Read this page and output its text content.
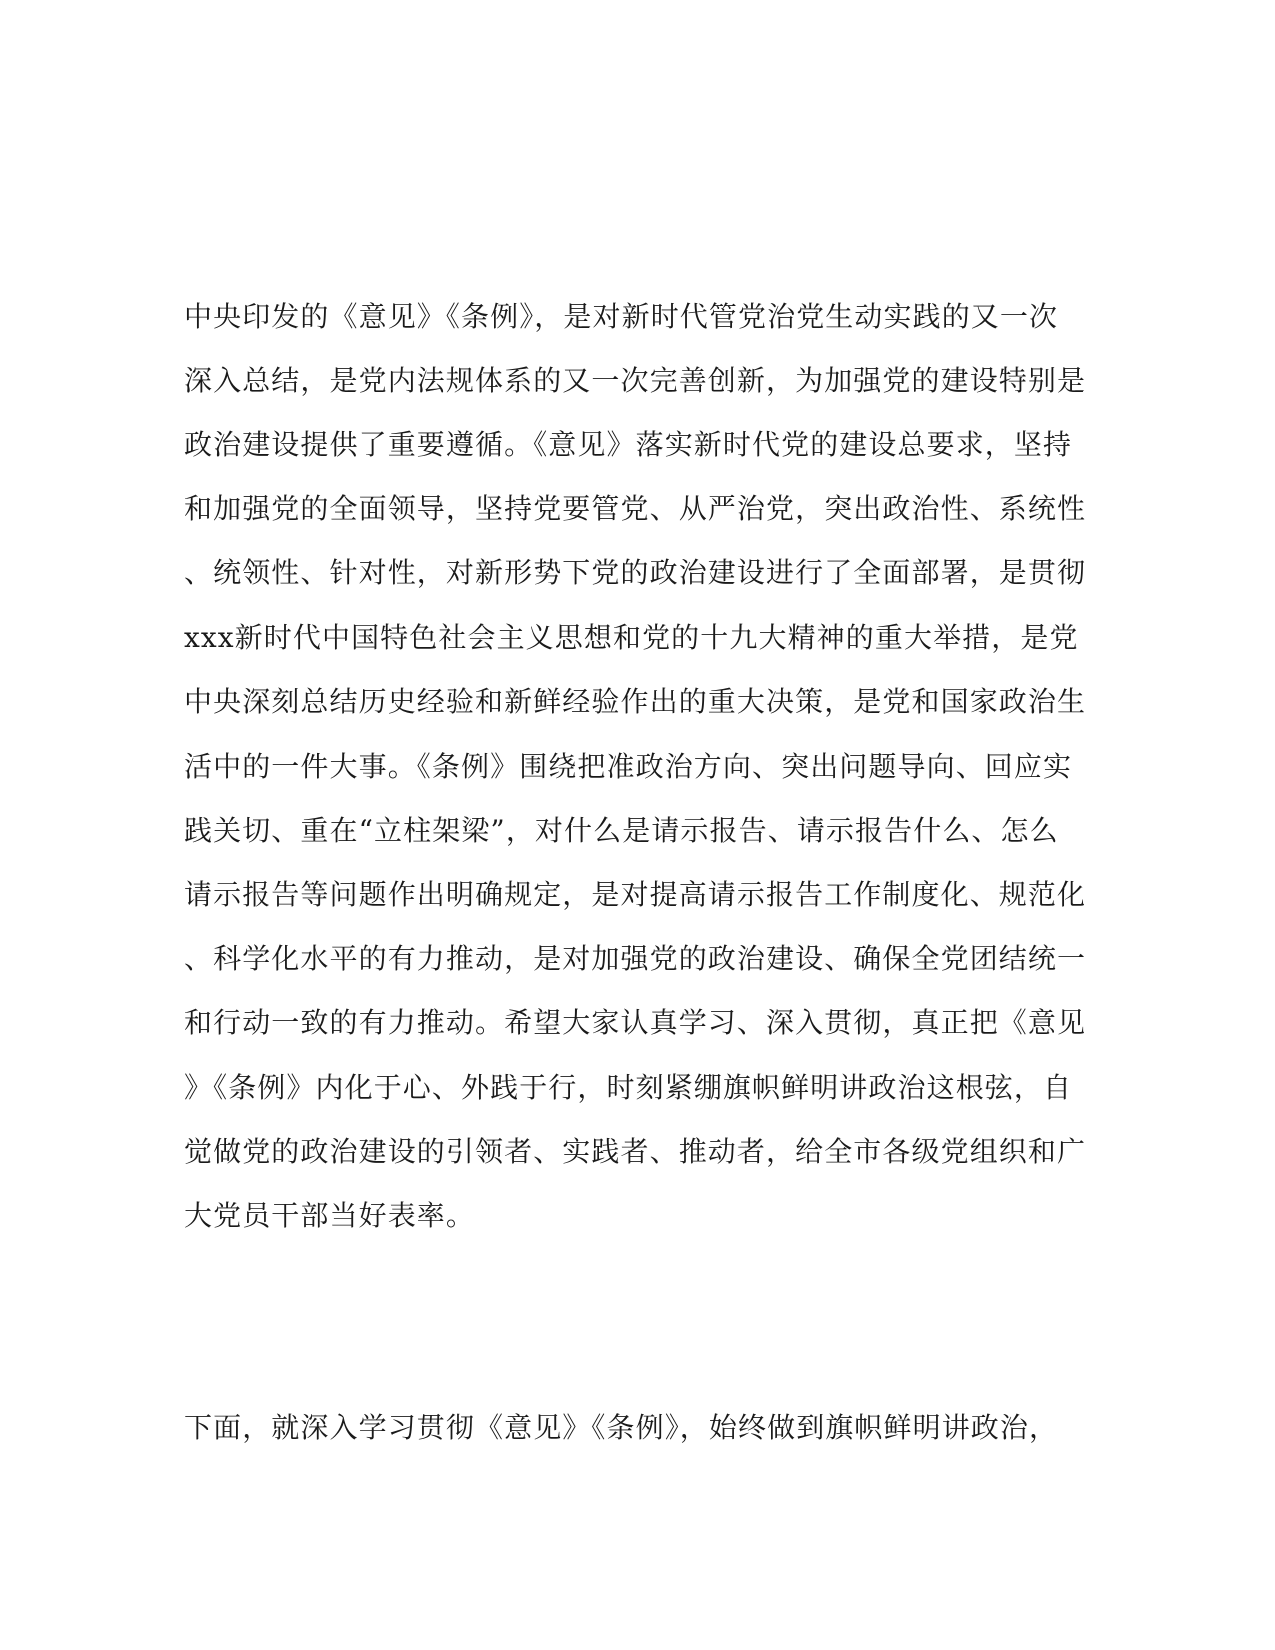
中央印发的《意见》《条例》，是对新时代管党治党生动实践的又一次
深入总结，是党内法规体系的又一次完善创新，为加强党的建设特别是
政治建设提供了重要遵循。《意见》落实新时代党的建设总要求，坚持
和加强党的全面领导，坚持党要管党、从严治党，突出政治性、系统性
、统领性、针对性，对新形势下党的政治建设进行了全面部署，是贯彻
xxx新时代中国特色社会主义思想和党的十九大精神的重大举措，是党
中央深刻总结历史经验和新鲜经验作出的重大决策，是党和国家政治生
活中的一件大事。《条例》围绕把准政治方向、突出问题导向、回应实
践关切、重在“立柱架梁”，对什么是请示报告、请示报告什么、怎么
请示报告等问题作出明确规定，是对提高请示报告工作制度化、规范化
、科学化水平的有力推动，是对加强党的政治建设、确保全党团结统一
和行动一致的有力推动。希望大家认真学习、深入贯彻，真正把《意见
》《条例》内化于心、外践于行，时刻紧绷旗帜鲜明讲政治这根弦，自
觉做党的政治建设的引领者、实践者、推动者，给全市各级党组织和广
大党员干部当好表率。
下面，就深入学习贯彻《意见》《条例》，始终做到旗帜鲜明讲政治，
